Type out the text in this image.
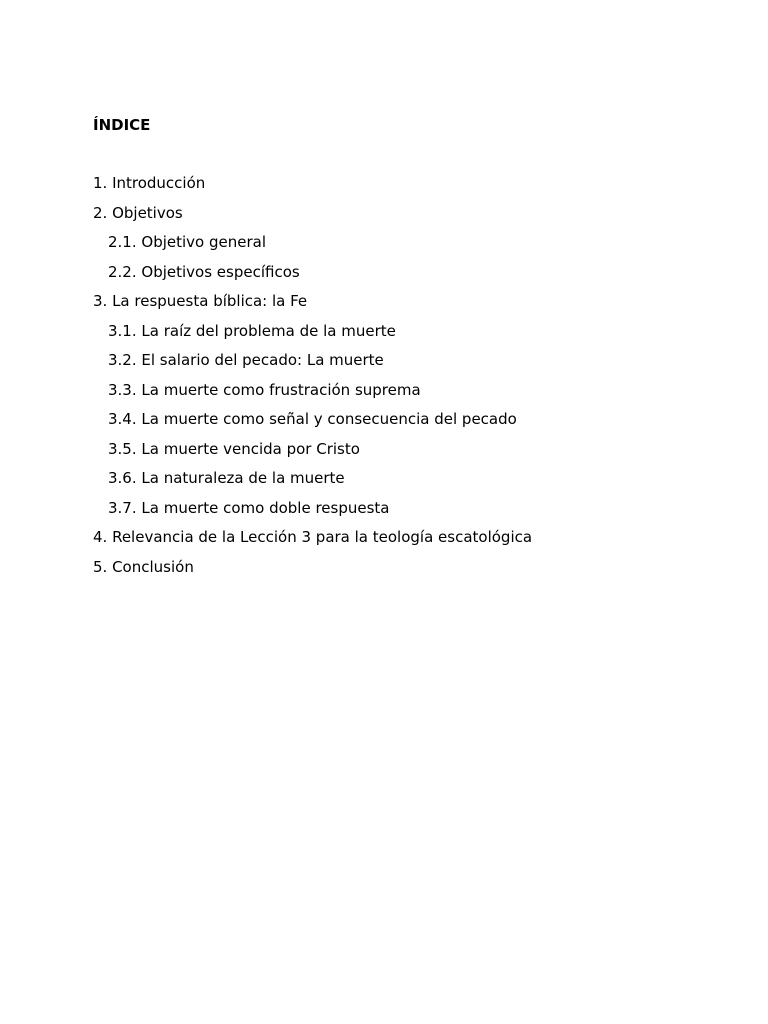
ÍNDICE
1. Introducción
2. Objetivos
2.1. Objetivo general
2.2. Objetivos específicos
3. La respuesta bíblica: la Fe
3.1. La raíz del problema de la muerte
3.2. El salario del pecado: La muerte
3.3. La muerte como frustración suprema
3.4. La muerte como señal y consecuencia del pecado
3.5. La muerte vencida por Cristo
3.6. La naturaleza de la muerte
3.7. La muerte como doble respuesta
4. Relevancia de la Lección 3 para la teología escatológica
5. Conclusión
